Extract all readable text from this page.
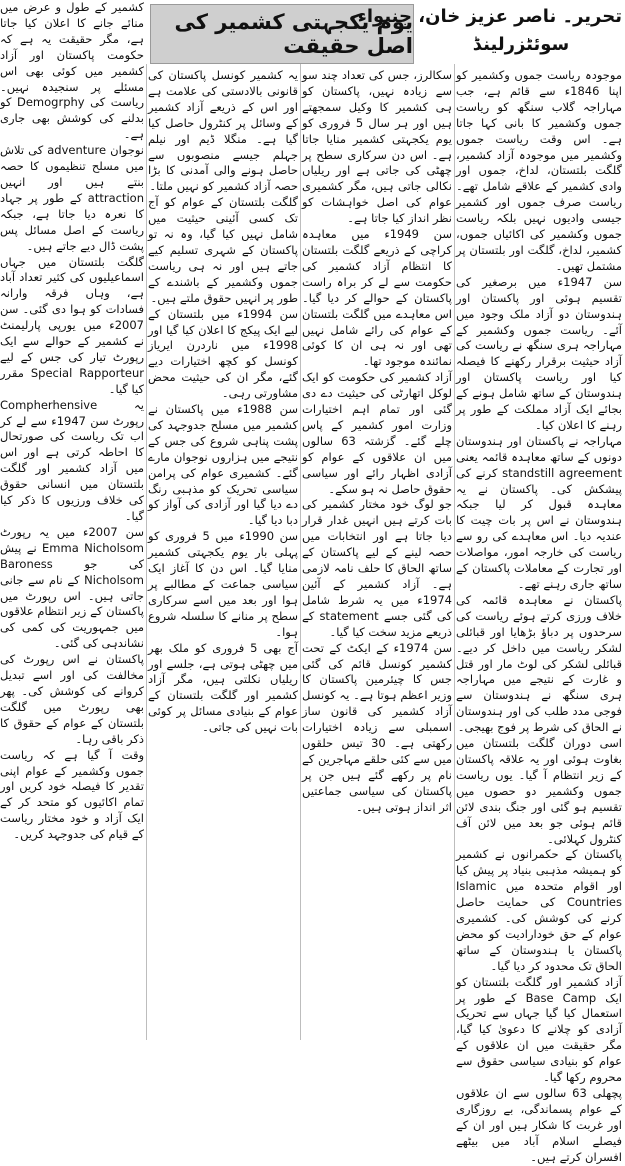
یوم یکجہتی کشمیر کی اصل حقیقت
تحریر۔ ناصر عزیز خان، جنیواء
سوئٹزرلینڈ

موجودہ ریاست جموں وکشمیر کو اپنا 1846ء سے قائم ہے، جب مہاراجہ گلاب سنگھ کو ریاست جموں وکشمیر کا بانی کہا جاتا ہے۔ اس وقت ریاست جموں وکشمیر میں موجودہ آزاد کشمیر، گلگت بلتستان، لداخ، جموں اور وادی کشمیر کے علاقے شامل تھے۔ ریاست صرف جموں اور کشمیر جیسی وادیوں نہیں بلکہ ریاست جموں وکشمیر کی اکائیاں جموں، کشمیر، لداخ، گلگت اور بلتستان پر مشتمل تھیں۔

سن 1947ء میں برصغیر کی تقسیم ہوئی اور پاکستان اور ہندوستان دو آزاد ملک وجود میں آئے۔ ریاست جموں وکشمیر کے مہاراجہ ہری سنگھ نے ریاست کی آزاد حیثیت برقرار رکھنے کا فیصلہ کیا اور ریاست پاکستان اور ہندوستان کے ساتھ شامل ہونے کے بجائے ایک آزاد مملکت کے طور پر رہنے کا اعلان کیا۔

مہاراجہ نے پاکستان اور ہندوستان دونوں کے ساتھ معاہدہ قائمہ یعنی standstill agreement کرنے کی پیشکش کی۔ پاکستان نے یہ معاہدہ قبول کر لیا جبکہ ہندوستان نے اس پر بات چیت کا عندیہ دیا۔ اس معاہدے کی رو سے ریاست کی خارجہ امور، مواصلات اور تجارت کے معاملات پاکستان کے ساتھ جاری رہنے تھے۔

پاکستان نے معاہدہ قائمہ کی خلاف ورزی کرتے ہوئے ریاست کی سرحدوں پر دباؤ بڑھایا اور قبائلی لشکر ریاست میں داخل کر دیے۔ قبائلی لشکر کی لوٹ مار اور قتل و غارت کے نتیجے میں مہاراجہ ہری سنگھ نے ہندوستان سے فوجی مدد طلب کی اور ہندوستان نے الحاق کی شرط پر فوج بھیجی۔

اسی دوران گلگت بلتستان میں بغاوت ہوئی اور یہ علاقہ پاکستان کے زیر انتظام آ گیا۔ یوں ریاست جموں وکشمیر دو حصوں میں تقسیم ہو گئی اور جنگ بندی لائن قائم ہوئی جو بعد میں لائن آف کنٹرول کہلائی۔

پاکستان کے حکمرانوں نے کشمیر کو ہمیشہ مذہبی بنیاد پر پیش کیا اور اقوام متحدہ میں Islamic Countries کی حمایت حاصل کرنے کی کوشش کی۔ کشمیری عوام کے حق خودارادیت کو محض پاکستان یا ہندوستان کے ساتھ الحاق تک محدود کر دیا گیا۔

آزاد کشمیر اور گلگت بلتستان کو ایک Base Camp کے طور پر استعمال کیا گیا جہاں سے تحریک آزادی کو چلانے کا دعویٰ کیا گیا، مگر حقیقت میں ان علاقوں کے عوام کو بنیادی سیاسی حقوق سے محروم رکھا گیا۔

پچھلی 63 سالوں سے ان علاقوں کے عوام پسماندگی، بے روزگاری اور غربت کا شکار ہیں اور ان کے فیصلے اسلام آباد میں بیٹھے افسران کرتے ہیں۔

سکالرز، جس کی تعداد چند سو سے زیادہ نہیں، پاکستان کو ہی کشمیر کا وکیل سمجھتے ہیں اور ہر سال 5 فروری کو یوم یکجہتی کشمیر منایا جاتا ہے۔ اس دن سرکاری سطح پر چھٹی کی جاتی ہے اور ریلیاں نکالی جاتی ہیں، مگر کشمیری عوام کی اصل خواہشات کو نظر انداز کیا جاتا ہے۔

سن 1949ء میں معاہدہ کراچی کے ذریعے گلگت بلتستان کا انتظام آزاد کشمیر کی حکومت سے لے کر براہ راست پاکستان کے حوالے کر دیا گیا۔ اس معاہدے میں گلگت بلتستان کے عوام کی رائے شامل نہیں تھی اور نہ ہی ان کا کوئی نمائندہ موجود تھا۔

آزاد کشمیر کی حکومت کو ایک لوکل اتھارٹی کی حیثیت دے دی گئی اور تمام اہم اختیارات وزارت امور کشمیر کے پاس چلے گئے۔ گزشتہ 63 سالوں میں ان علاقوں کے عوام کو آزادی اظہار رائے اور سیاسی حقوق حاصل نہ ہو سکے۔

جو لوگ خود مختار کشمیر کی بات کرتے ہیں انہیں غدار قرار دیا جاتا ہے اور انتخابات میں حصہ لینے کے لیے پاکستان کے ساتھ الحاق کا حلف نامہ لازمی ہے۔ آزاد کشمیر کے آئین 1974ء میں یہ شرط شامل کی گئی جسے statement کے ذریعے مزید سخت کیا گیا۔

سن 1974ء کے ایکٹ کے تحت کشمیر کونسل قائم کی گئی جس کا چیئرمین پاکستان کا وزیر اعظم ہوتا ہے۔ یہ کونسل آزاد کشمیر کی قانون ساز اسمبلی سے زیادہ اختیارات رکھتی ہے۔ 30 تیس حلقوں میں سے کئی حلقے مہاجرین کے نام پر رکھے گئے ہیں جن پر پاکستان کی سیاسی جماعتیں اثر انداز ہوتی ہیں۔

یہ کشمیر کونسل پاکستان کی قانونی بالادستی کی علامت ہے اور اس کے ذریعے آزاد کشمیر کے وسائل پر کنٹرول حاصل کیا گیا ہے۔ منگلا ڈیم اور نیلم جہلم جیسے منصوبوں سے حاصل ہونے والی آمدنی کا بڑا حصہ آزاد کشمیر کو نہیں ملتا۔

گلگت بلتستان کے عوام کو آج تک کسی آئینی حیثیت میں شامل نہیں کیا گیا، وہ نہ تو پاکستان کے شہری تسلیم کیے جاتے ہیں اور نہ ہی ریاست جموں وکشمیر کے باشندے کے طور پر انہیں حقوق ملتے ہیں۔

سن 1994ء میں بلتستان کے لیے ایک پیکج کا اعلان کیا گیا اور 1998ء میں ناردرن ایریاز کونسل کو کچھ اختیارات دیے گئے، مگر ان کی حیثیت محض مشاورتی رہی۔

سن 1988ء میں پاکستان نے کشمیر میں مسلح جدوجہد کی پشت پناہی شروع کی جس کے نتیجے میں ہزاروں نوجوان مارے گئے۔ کشمیری عوام کی پرامن سیاسی تحریک کو مذہبی رنگ دے دیا گیا اور آزادی کی آواز کو دبا دیا گیا۔

سن 1990ء میں 5 فروری کو پہلی بار یوم یکجہتی کشمیر منایا گیا۔ اس دن کا آغاز ایک سیاسی جماعت کے مطالبے پر ہوا اور بعد میں اسے سرکاری سطح پر منانے کا سلسلہ شروع ہوا۔

آج بھی 5 فروری کو ملک بھر میں چھٹی ہوتی ہے، جلسے اور ریلیاں نکلتی ہیں، مگر آزاد کشمیر اور گلگت بلتستان کے عوام کے بنیادی مسائل پر کوئی بات نہیں کی جاتی۔

کشمیر کے طول و عرض میں منائے جانے کا اعلان کیا جاتا ہے، مگر حقیقت یہ ہے کہ حکومت پاکستان اور آزاد کشمیر میں کوئی بھی اس مسئلے پر سنجیدہ نہیں۔ ریاست کی Demogrphy کو بدلنے کی کوشش بھی جاری ہے۔

نوجوان adventure کی تلاش میں مسلح تنظیموں کا حصہ بنتے ہیں اور انہیں attraction کے طور پر جہاد کا نعرہ دیا جاتا ہے، جبکہ ریاست کے اصل مسائل پس پشت ڈال دیے جاتے ہیں۔

گلگت بلتستان میں جہاں اسماعیلیوں کی کثیر تعداد آباد ہے، وہاں فرقہ وارانہ فسادات کو ہوا دی گئی۔ سن 2007ء میں یورپی پارلیمنٹ نے کشمیر کے حوالے سے ایک رپورٹ تیار کی جس کے لیے Special Rapporteur مقرر کیا گیا۔

یہ Compherhensive رپورٹ سن 1947ء سے لے کر اب تک ریاست کی صورتحال کا احاطہ کرتی ہے اور اس میں آزاد کشمیر اور گلگت بلتستان میں انسانی حقوق کی خلاف ورزیوں کا ذکر کیا گیا۔

سن 2007ء میں یہ رپورٹ Emma Nicholsom نے پیش کی جو Baroness Nicholsom کے نام سے جانی جاتی ہیں۔ اس رپورٹ میں پاکستان کے زیر انتظام علاقوں میں جمہوریت کی کمی کی نشاندہی کی گئی۔

پاکستان نے اس رپورٹ کی مخالفت کی اور اسے تبدیل کروانے کی کوشش کی۔ پھر بھی رپورٹ میں گلگت بلتستان کے عوام کے حقوق کا ذکر باقی رہا۔

وقت آ گیا ہے کہ ریاست جموں وکشمیر کے عوام اپنی تقدیر کا فیصلہ خود کریں اور تمام اکائیوں کو متحد کر کے ایک آزاد و خود مختار ریاست کے قیام کی جدوجہد کریں۔
